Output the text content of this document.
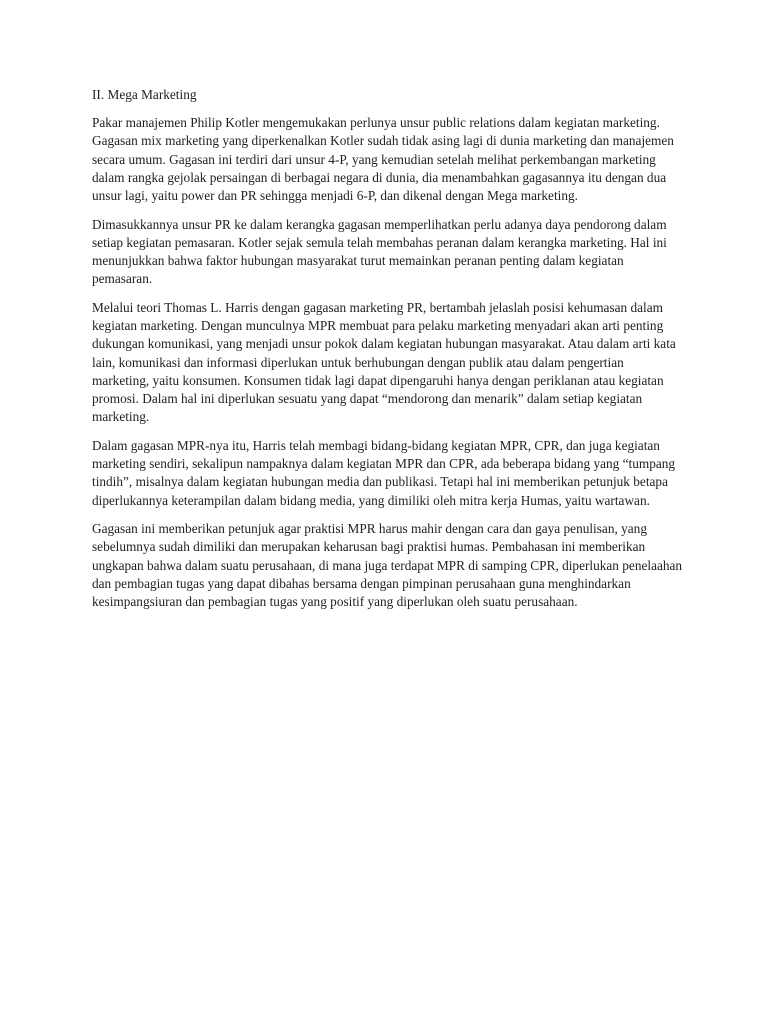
II. Mega Marketing

Pakar manajemen Philip Kotler mengemukakan perlunya unsur public relations dalam kegiatan marketing. Gagasan mix marketing yang diperkenalkan Kotler sudah tidak asing lagi di dunia marketing dan manajemen secara umum. Gagasan ini terdiri dari unsur 4-P, yang kemudian setelah melihat perkembangan marketing dalam rangka gejolak persaingan di berbagai negara di dunia, dia menambahkan gagasannya itu dengan dua unsur lagi, yaitu power dan PR sehingga menjadi 6-P, dan dikenal dengan Mega marketing.

Dimasukkannya unsur PR ke dalam kerangka gagasan memperlihatkan perlu adanya daya pendorong dalam setiap kegiatan pemasaran. Kotler sejak semula telah membahas peranan dalam kerangka marketing. Hal ini menunjukkan bahwa faktor hubungan masyarakat turut memainkan peranan penting dalam kegiatan pemasaran.

Melalui teori Thomas L. Harris dengan gagasan marketing PR, bertambah jelaslah posisi kehumasan dalam kegiatan marketing. Dengan munculnya MPR membuat para pelaku marketing menyadari akan arti penting dukungan komunikasi, yang menjadi unsur pokok dalam kegiatan hubungan masyarakat. Atau dalam arti kata lain, komunikasi dan informasi diperlukan untuk berhubungan dengan publik atau dalam pengertian marketing, yaitu konsumen. Konsumen tidak lagi dapat dipengaruhi hanya dengan periklanan atau kegiatan promosi. Dalam hal ini diperlukan sesuatu yang dapat “mendorong dan menarik” dalam setiap kegiatan marketing.

Dalam gagasan MPR-nya itu, Harris telah membagi bidang-bidang kegiatan MPR, CPR, dan juga kegiatan marketing sendiri, sekalipun nampaknya dalam kegiatan MPR dan CPR, ada beberapa bidang yang “tumpang tindih”, misalnya dalam kegiatan hubungan media dan publikasi. Tetapi hal ini memberikan petunjuk betapa diperlukannya keterampilan dalam bidang media, yang dimiliki oleh mitra kerja Humas, yaitu wartawan.

Gagasan ini memberikan petunjuk agar praktisi MPR harus mahir dengan cara dan gaya penulisan, yang sebelumnya sudah dimiliki dan merupakan keharusan bagi praktisi humas. Pembahasan ini memberikan ungkapan bahwa dalam suatu perusahaan, di mana juga terdapat MPR di samping CPR, diperlukan penelaahan dan pembagian tugas yang dapat dibahas bersama dengan pimpinan perusahaan guna menghindarkan kesimpangsiuran dan pembagian tugas yang positif yang diperlukan oleh suatu perusahaan.
